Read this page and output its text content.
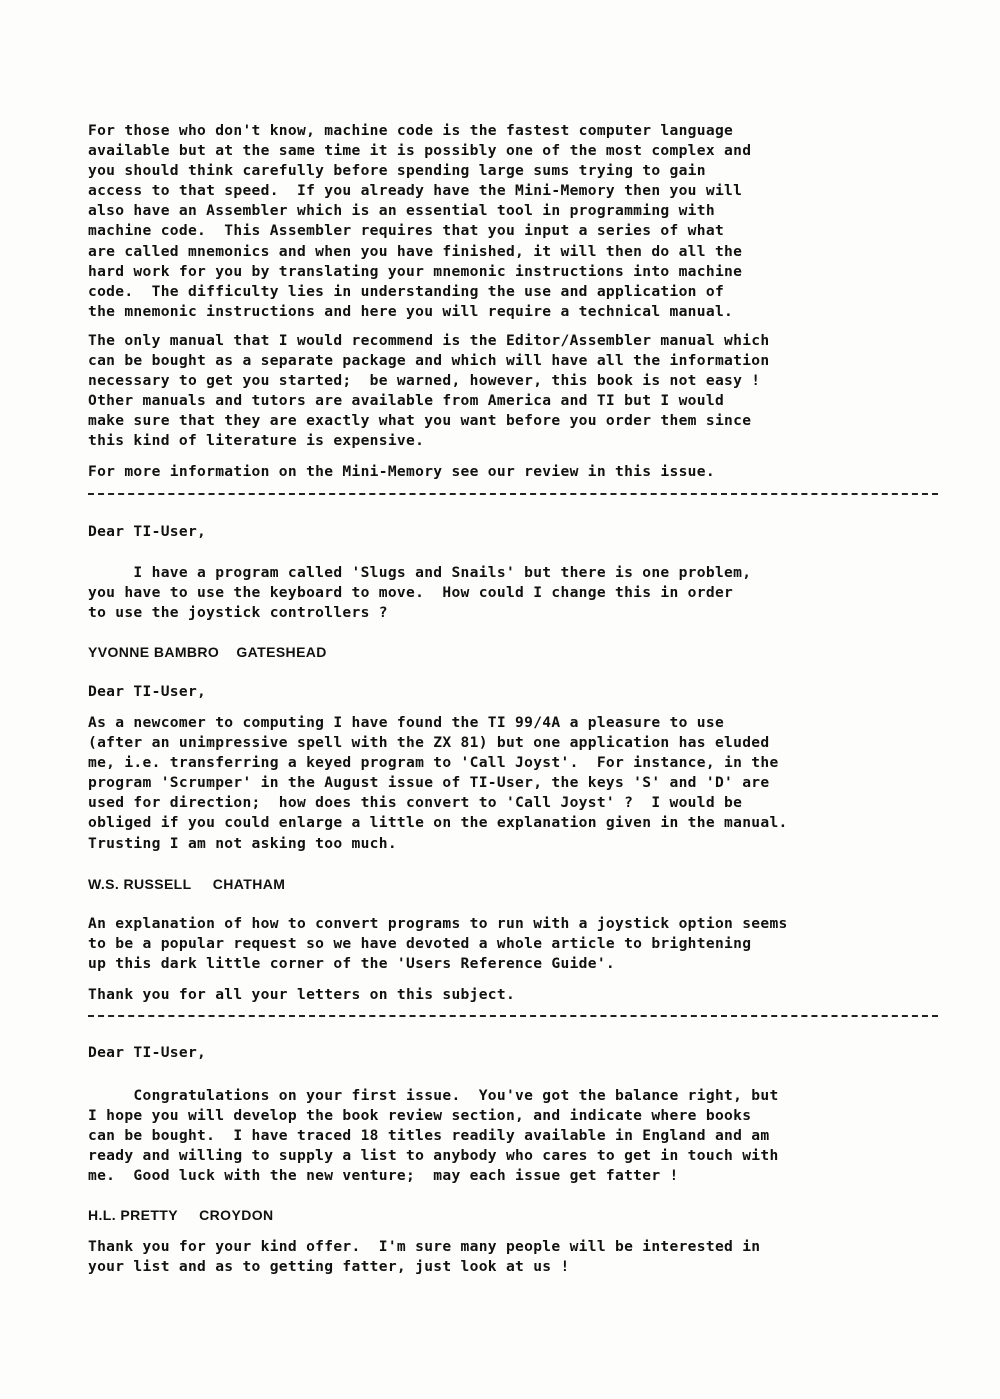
For those who don't know, machine code is the fastest computer language
available but at the same time it is possibly one of the most complex and
you should think carefully before spending large sums trying to gain
access to that speed.  If you already have the Mini-Memory then you will
also have an Assembler which is an essential tool in programming with
machine code.  This Assembler requires that you input a series of what
are called mnemonics and when you have finished, it will then do all the
hard work for you by translating your mnemonic instructions into machine
code.  The difficulty lies in understanding the use and application of
the mnemonic instructions and here you will require a technical manual.

The only manual that I would recommend is the Editor/Assembler manual which
can be bought as a separate package and which will have all the information
necessary to get you started;  be warned, however, this book is not easy !
Other manuals and tutors are available from America and TI but I would
make sure that they are exactly what you want before you order them since
this kind of literature is expensive.

For more information on the Mini-Memory see our review in this issue.

Dear TI-User,

I have a program called 'Slugs and Snails' but there is one problem,
you have to use the keyboard to move.  How could I change this in order
to use the joystick controllers ?

YVONNE BAMBRO    GATESHEAD

Dear TI-User,

As a newcomer to computing I have found the TI 99/4A a pleasure to use
(after an unimpressive spell with the ZX 81) but one application has eluded
me, i.e. transferring a keyed program to 'Call Joyst'.  For instance, in the
program 'Scrumper' in the August issue of TI-User, the keys 'S' and 'D' are
used for direction;  how does this convert to 'Call Joyst' ?  I would be
obliged if you could enlarge a little on the explanation given in the manual.
Trusting I am not asking too much.

W.S. RUSSELL     CHATHAM

An explanation of how to convert programs to run with a joystick option seems
to be a popular request so we have devoted a whole article to brightening
up this dark little corner of the 'Users Reference Guide'.

Thank you for all your letters on this subject.

Dear TI-User,

Congratulations on your first issue.  You've got the balance right, but
I hope you will develop the book review section, and indicate where books
can be bought.  I have traced 18 titles readily available in England and am
ready and willing to supply a list to anybody who cares to get in touch with
me.  Good luck with the new venture;  may each issue get fatter !

H.L. PRETTY     CROYDON

Thank you for your kind offer.  I'm sure many people will be interested in
your list and as to getting fatter, just look at us !
